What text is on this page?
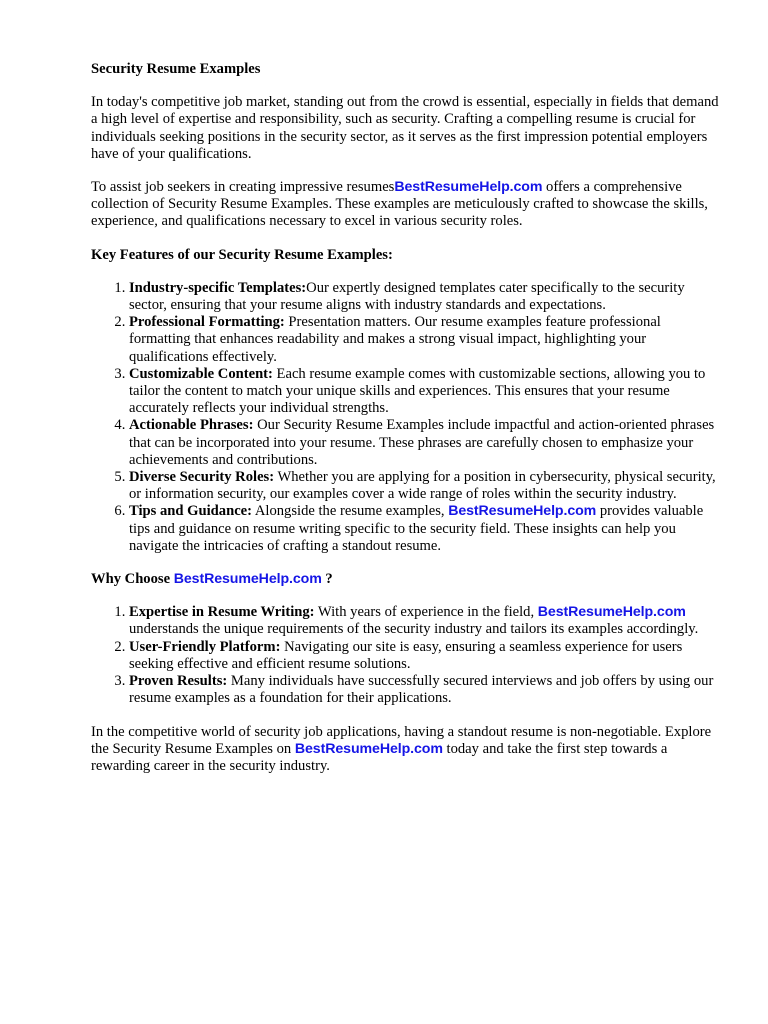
Security Resume Examples

In today's competitive job market, standing out from the crowd is essential, especially in fields that demand a high level of expertise and responsibility, such as security. Crafting a compelling resume is crucial for individuals seeking positions in the security sector, as it serves as the first impression potential employers have of your qualifications.

To assist job seekers in creating impressive resumesBestResumeHelp.com offers a comprehensive collection of Security Resume Examples. These examples are meticulously crafted to showcase the skills, experience, and qualifications necessary to excel in various security roles.

Key Features of our Security Resume Examples:
1. Industry-specific Templates:Our expertly designed templates cater specifically to the security sector, ensuring that your resume aligns with industry standards and expectations.
2. Professional Formatting: Presentation matters. Our resume examples feature professional formatting that enhances readability and makes a strong visual impact, highlighting your qualifications effectively.
3. Customizable Content: Each resume example comes with customizable sections, allowing you to tailor the content to match your unique skills and experiences. This ensures that your resume accurately reflects your individual strengths.
4. Actionable Phrases: Our Security Resume Examples include impactful and action-oriented phrases that can be incorporated into your resume. These phrases are carefully chosen to emphasize your achievements and contributions.
5. Diverse Security Roles: Whether you are applying for a position in cybersecurity, physical security, or information security, our examples cover a wide range of roles within the security industry.
6. Tips and Guidance: Alongside the resume examples, BestResumeHelp.com provides valuable tips and guidance on resume writing specific to the security field. These insights can help you navigate the intricacies of crafting a standout resume.
Why Choose BestResumeHelp.com ?
1. Expertise in Resume Writing: With years of experience in the field, BestResumeHelp.com understands the unique requirements of the security industry and tailors its examples accordingly.
2. User-Friendly Platform: Navigating our site is easy, ensuring a seamless experience for users seeking effective and efficient resume solutions.
3. Proven Results: Many individuals have successfully secured interviews and job offers by using our resume examples as a foundation for their applications.

In the competitive world of security job applications, having a standout resume is non-negotiable. Explore the Security Resume Examples on BestResumeHelp.com today and take the first step towards a rewarding career in the security industry.
